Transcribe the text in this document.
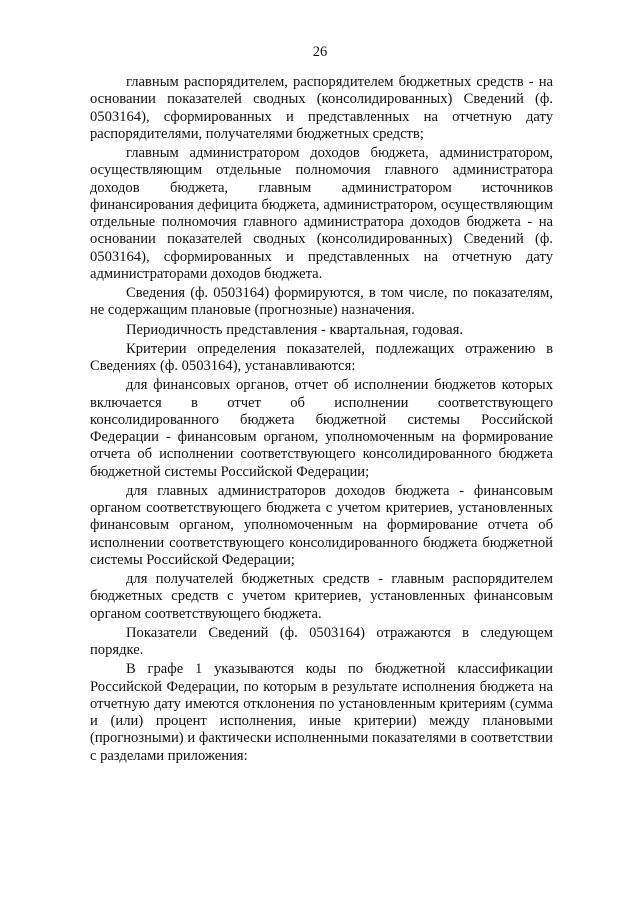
26

главным распорядителем, распорядителем бюджетных средств - на основании показателей сводных (консолидированных) Сведений (ф. 0503164), сформированных и представленных на отчетную дату распорядителями, получателями бюджетных средств;

главным администратором доходов бюджета, администратором, осуществляющим отдельные полномочия главного администратора доходов бюджета, главным администратором источников финансирования дефицита бюджета, администратором, осуществляющим отдельные полномочия главного администратора доходов бюджета - на основании показателей сводных (консолидированных) Сведений (ф. 0503164), сформированных и представленных на отчетную дату администраторами доходов бюджета.

Сведения (ф. 0503164) формируются, в том числе, по показателям, не содержащим плановые (прогнозные) назначения.

Периодичность представления - квартальная, годовая.

Критерии определения показателей, подлежащих отражению в Сведениях (ф. 0503164), устанавливаются:

для финансовых органов, отчет об исполнении бюджетов которых включается в отчет об исполнении соответствующего консолидированного бюджета бюджетной системы Российской Федерации - финансовым органом, уполномоченным на формирование отчета об исполнении соответствующего консолидированного бюджета бюджетной системы Российской Федерации;

для главных администраторов доходов бюджета - финансовым органом соответствующего бюджета с учетом критериев, установленных финансовым органом, уполномоченным на формирование отчета об исполнении соответствующего консолидированного бюджета бюджетной системы Российской Федерации;

для получателей бюджетных средств - главным распорядителем бюджетных средств с учетом критериев, установленных финансовым органом соответствующего бюджета.

Показатели Сведений (ф. 0503164) отражаются в следующем порядке.

В графе 1 указываются коды по бюджетной классификации Российской Федерации, по которым в результате исполнения бюджета на отчетную дату имеются отклонения по установленным критериям (сумма и (или) процент исполнения, иные критерии) между плановыми (прогнозными) и фактически исполненными показателями в соответствии с разделами приложения:
